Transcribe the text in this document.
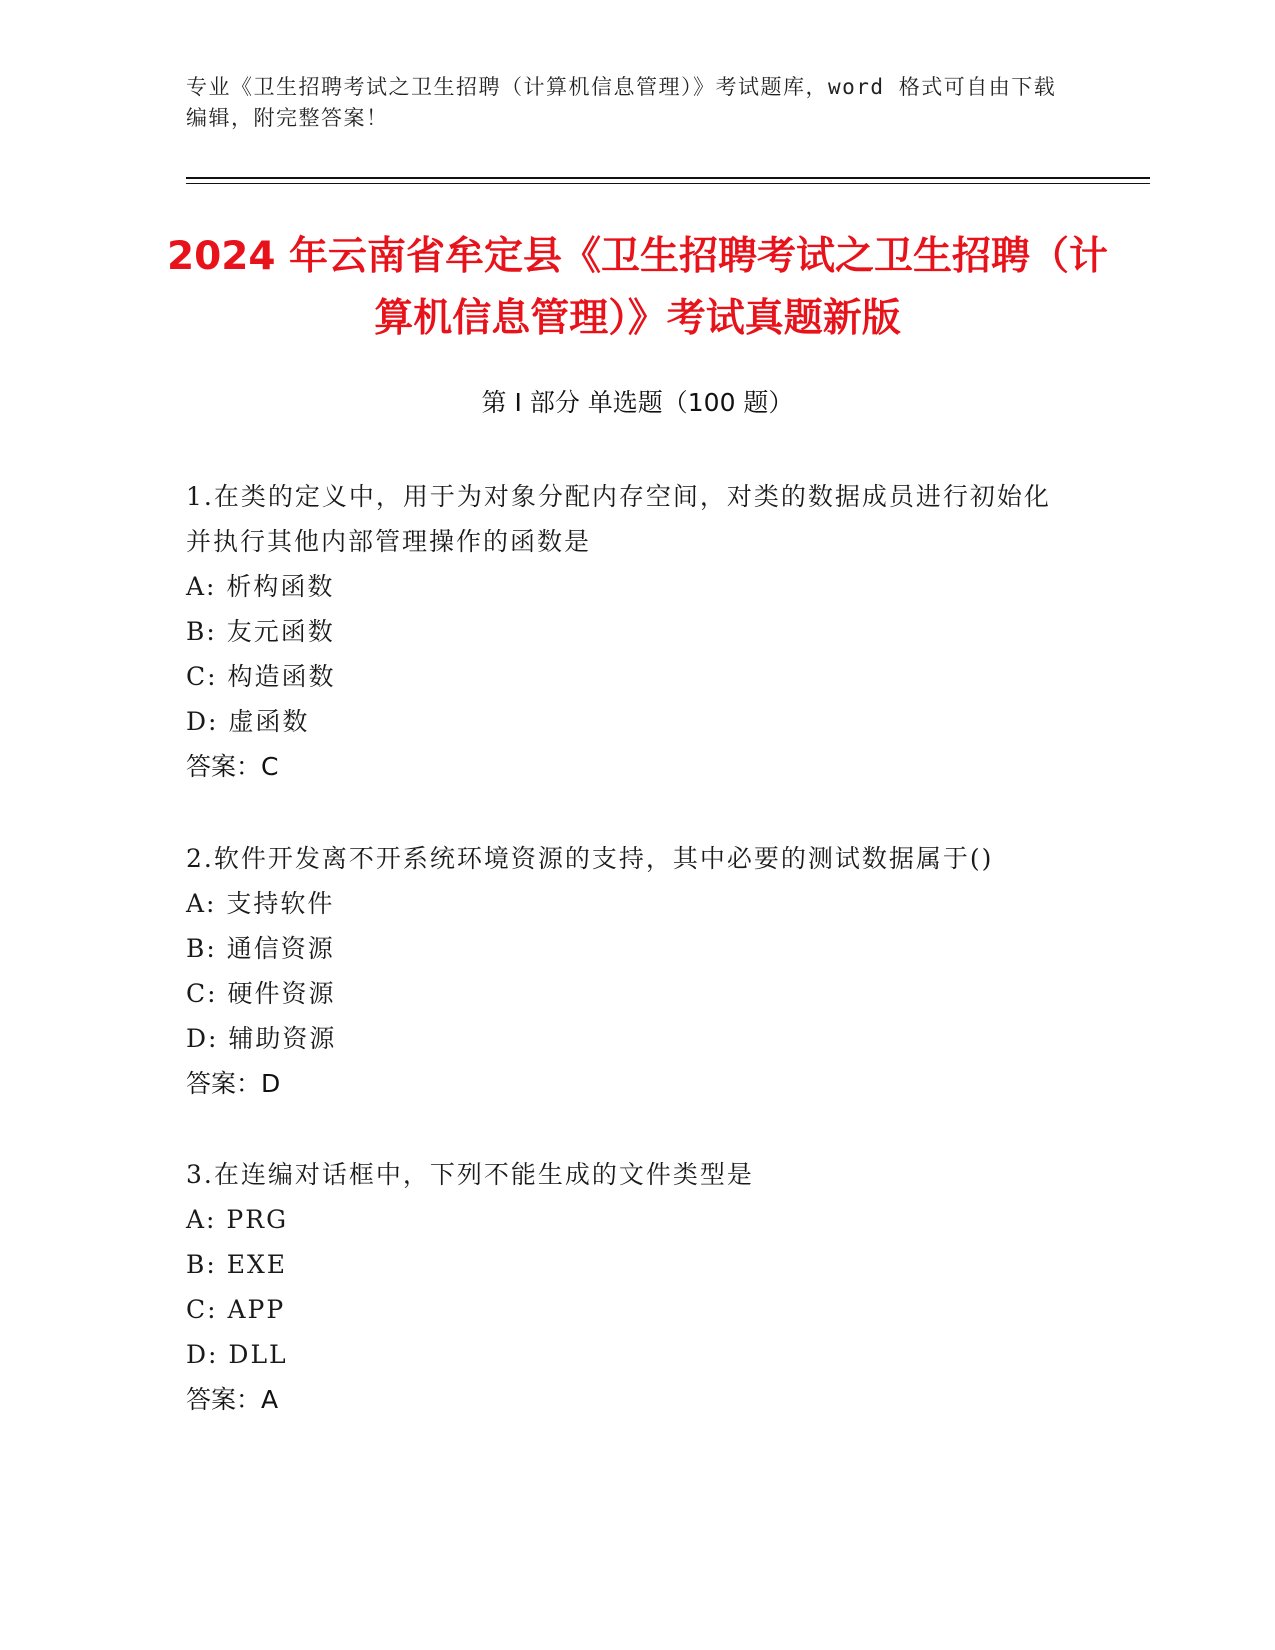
专业《卫生招聘考试之卫生招聘（计算机信息管理）》考试题库，word 格式可自由下载编辑，附完整答案！
2024 年云南省牟定县《卫生招聘考试之卫生招聘（计算机信息管理）》考试真题新版
第 I 部分 单选题（100 题）
1.在类的定义中，用于为对象分配内存空间，对类的数据成员进行初始化并执行其他内部管理操作的函数是
A: 析构函数
B: 友元函数
C: 构造函数
D: 虚函数
答案：C
2.软件开发离不开系统环境资源的支持，其中必要的测试数据属于()
A: 支持软件
B: 通信资源
C: 硬件资源
D: 辅助资源
答案：D
3.在连编对话框中，下列不能生成的文件类型是
A: PRG
B: EXE
C: APP
D: DLL
答案：A
